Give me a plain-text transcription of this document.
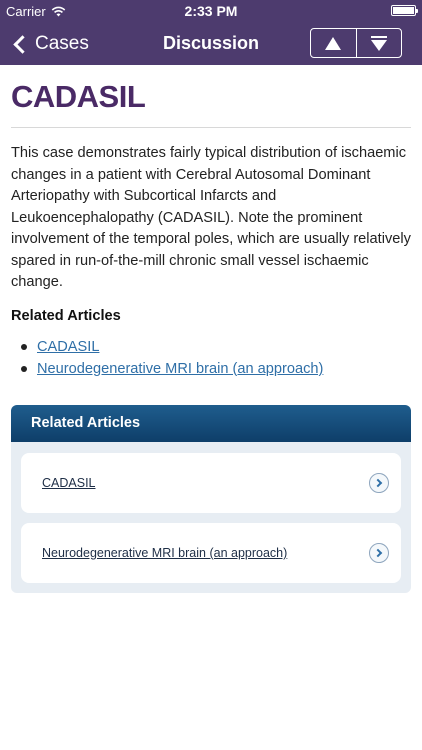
Carrier	2:33 PM
Cases	Discussion
CADASIL

This case demonstrates fairly typical distribution of ischaemic changes in a patient with Cerebral Autosomal Dominant Arteriopathy with Subcortical Infarcts and Leukoencephalopathy (CADASIL). Note the prominent involvement of the temporal poles, which are usually relatively spared in run-of-the-mill chronic small vessel ischaemic change.

Related Articles
CADASIL
Neurodegenerative MRI brain (an approach)
Related Articles
CADASIL
Neurodegenerative MRI brain (an approach)
